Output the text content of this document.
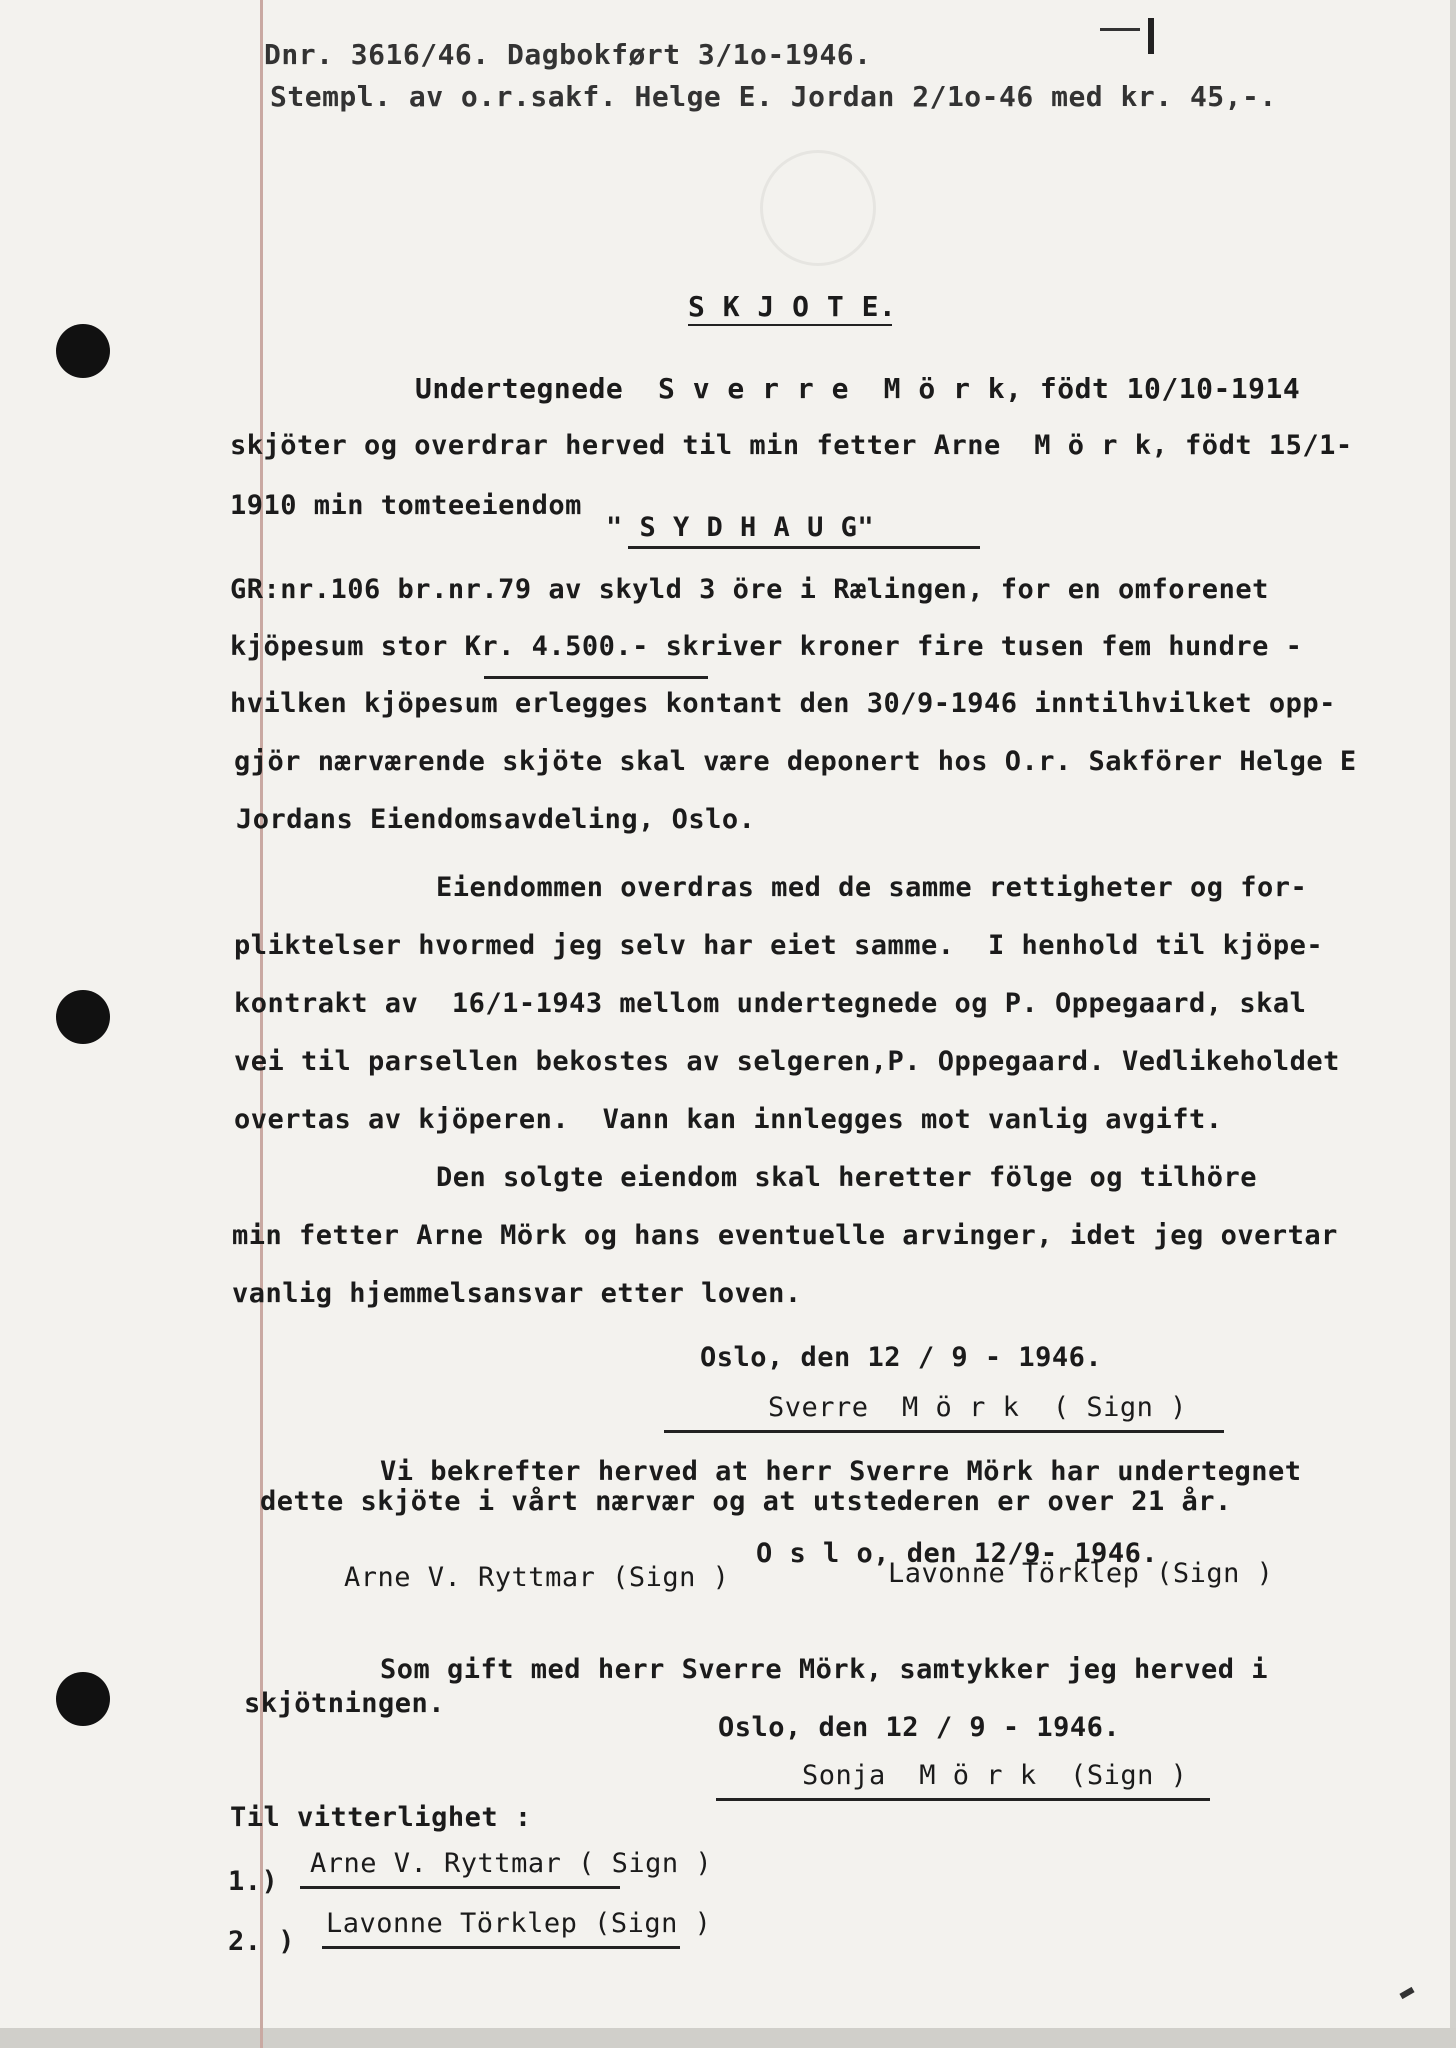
Dnr. 3616/46. Dagbokført 3/1o-1946.
Stempl. av o.r.sakf. Helge E. Jordan 2/1o-46 med kr. 45,-.
S K J O T E.
Undertegnede  S v e r r e  M ö r k, födt 10/10-1914
skjöter og overdrar herved til min fetter Arne  M ö r k, födt 15/1-
1910 min tomteeiendom
" S Y D H A U G"
GR:nr.106 br.nr.79 av skyld 3 öre i Rælingen, for en omforenet
kjöpesum stor Kr. 4.500.- skriver kroner fire tusen fem hundre -
hvilken kjöpesum erlegges kontant den 30/9-1946 inntilhvilket opp-
gjör nærværende skjöte skal være deponert hos O.r. Sakförer Helge E
Jordans Eiendomsavdeling, Oslo.
Eiendommen overdras med de samme rettigheter og for-
pliktelser hvormed jeg selv har eiet samme.  I henhold til kjöpe-
kontrakt av  16/1-1943 mellom undertegnede og P. Oppegaard, skal
vei til parsellen bekostes av selgeren,P. Oppegaard. Vedlikeholdet
overtas av kjöperen.  Vann kan innlegges mot vanlig avgift.
Den solgte eiendom skal heretter fölge og tilhöre
min fetter Arne Mörk og hans eventuelle arvinger, idet jeg overtar
vanlig hjemmelsansvar etter loven.
Oslo, den 12 / 9 - 1946.
Sverre  M ö r k  ( Sign )
Vi bekrefter herved at herr Sverre Mörk har undertegnet
dette skjöte i vårt nærvær og at utstederen er over 21 år.
O s l o, den 12/9- 1946.
Arne V. Ryttmar (Sign )	Lavonne Törklep (Sign )
Som gift med herr Sverre Mörk, samtykker jeg herved i
skjötningen.
Oslo, den 12 / 9 - 1946.
Sonja  M ö r k  (Sign )
Til vitterlighet :
1.)
Arne V. Ryttmar ( Sign )
2. )
Lavonne Törklep (Sign )
